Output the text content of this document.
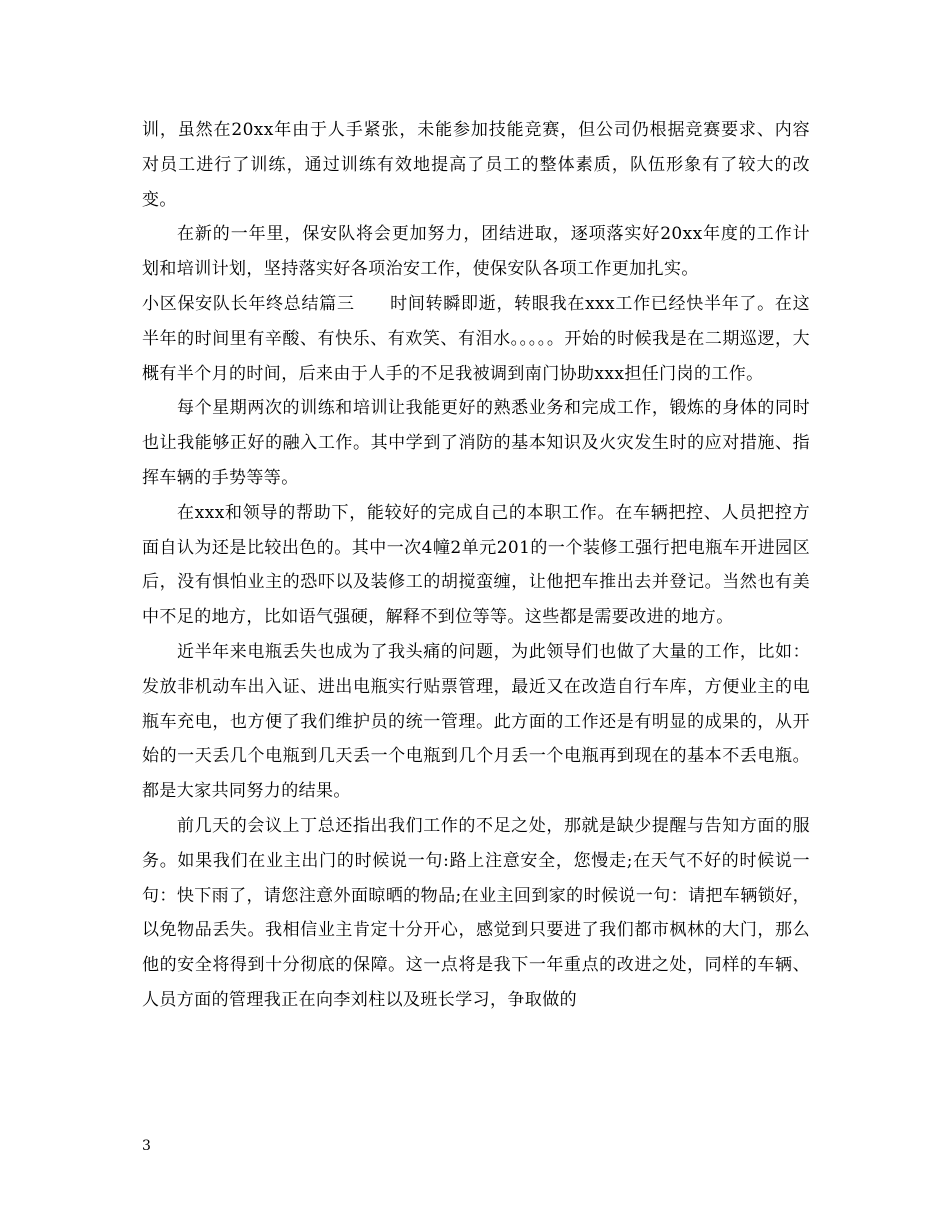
训，虽然在20xx年由于人手紧张，未能参加技能竞赛，但公司仍根据竞赛要求、内容对员工进行了训练，通过训练有效地提高了员工的整体素质，队伍形象有了较大的改变。

在新的一年里，保安队将会更加努力，团结进取，逐项落实好20xx年度的工作计划和培训计划，坚持落实好各项治安工作，使保安队各项工作更加扎实。

小区保安队长年终总结篇三　　时间转瞬即逝，转眼我在xxx工作已经快半年了。在这半年的时间里有辛酸、有快乐、有欢笑、有泪水。。。。。开始的时候我是在二期巡逻，大概有半个月的时间，后来由于人手的不足我被调到南门协助xxx担任门岗的工作。

每个星期两次的训练和培训让我能更好的熟悉业务和完成工作，锻炼的身体的同时也让我能够正好的融入工作。其中学到了消防的基本知识及火灾发生时的应对措施、指挥车辆的手势等等。

在xxx和领导的帮助下，能较好的完成自己的本职工作。在车辆把控、人员把控方面自认为还是比较出色的。其中一次4幢2单元201的一个装修工强行把电瓶车开进园区后，没有惧怕业主的恐吓以及装修工的胡搅蛮缠，让他把车推出去并登记。当然也有美中不足的地方，比如语气强硬，解释不到位等等。这些都是需要改进的地方。

近半年来电瓶丢失也成为了我头痛的问题，为此领导们也做了大量的工作，比如：发放非机动车出入证、进出电瓶实行贴票管理，最近又在改造自行车库，方便业主的电瓶车充电，也方便了我们维护员的统一管理。此方面的工作还是有明显的成果的，从开始的一天丢几个电瓶到几天丢一个电瓶到几个月丢一个电瓶再到现在的基本不丢电瓶。都是大家共同努力的结果。

前几天的会议上丁总还指出我们工作的不足之处，那就是缺少提醒与告知方面的服务。如果我们在业主出门的时候说一句:路上注意安全，您慢走;在天气不好的时候说一句：快下雨了，请您注意外面晾晒的物品;在业主回到家的时候说一句：请把车辆锁好，以免物品丢失。我相信业主肯定十分开心，感觉到只要进了我们都市枫林的大门，那么他的安全将得到十分彻底的保障。这一点将是我下一年重点的改进之处，同样的车辆、人员方面的管理我正在向李刘柱以及班长学习，争取做的

3
